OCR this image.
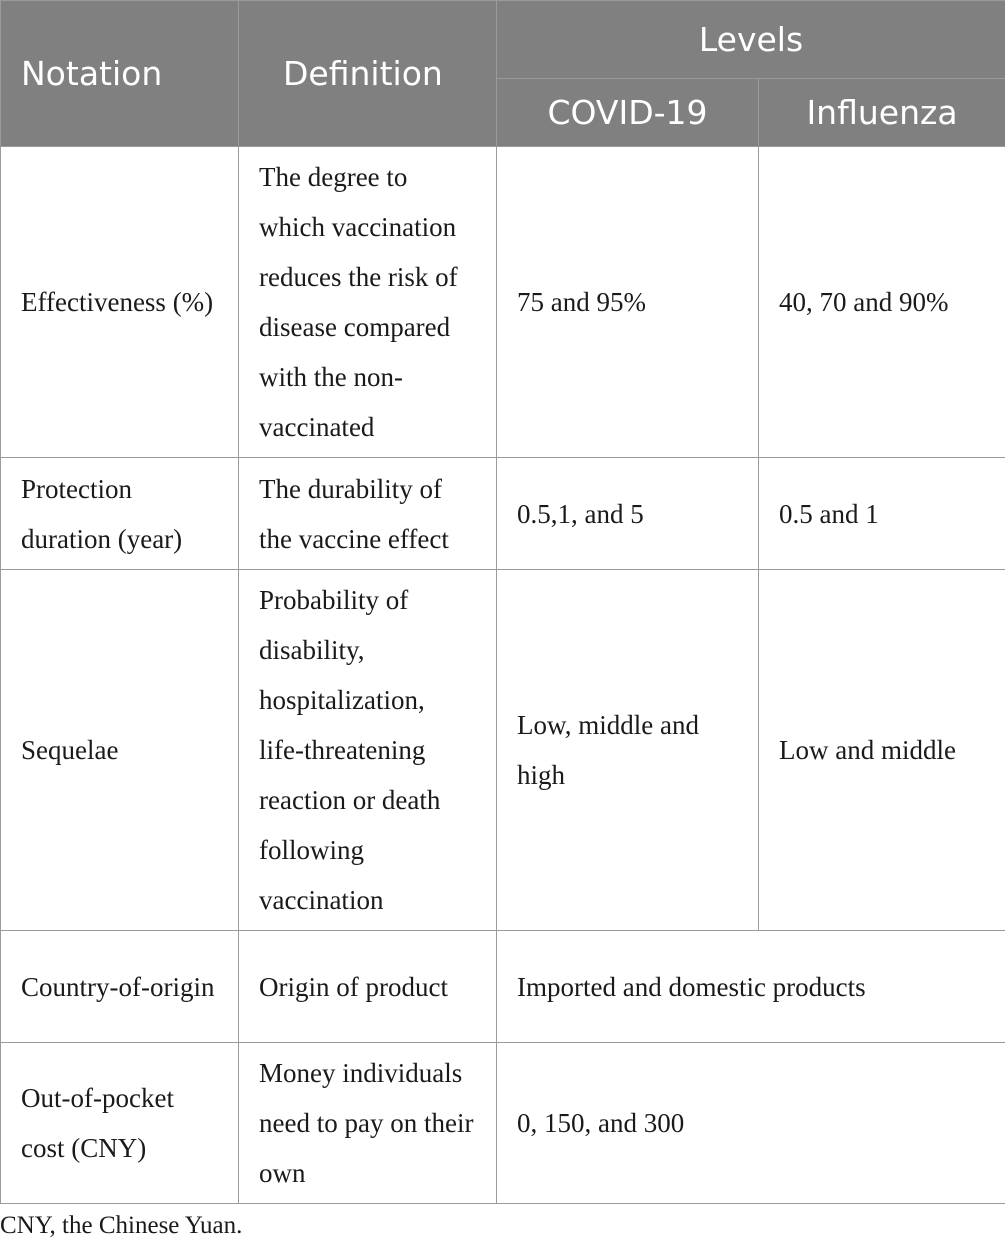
Notation	Definition	Levels	
		COVID-19	Influenza
Effectiveness (%)	The degree to which vaccination reduces the risk of disease compared with the non-vaccinated	75 and 95%	40, 70 and 90%
Protection duration (year)	The durability of the vaccine effect	0.5,1, and 5	0.5 and 1
Sequelae	Probability of disability, hospitalization, life-threatening reaction or death following vaccination	Low, middle and high	Low and middle
Country-of-origin	Origin of product	Imported and domestic products	
Out-of-pocket cost (CNY)	Money individuals need to pay on their own	0, 150, and 300	
CNY, the Chinese Yuan.
